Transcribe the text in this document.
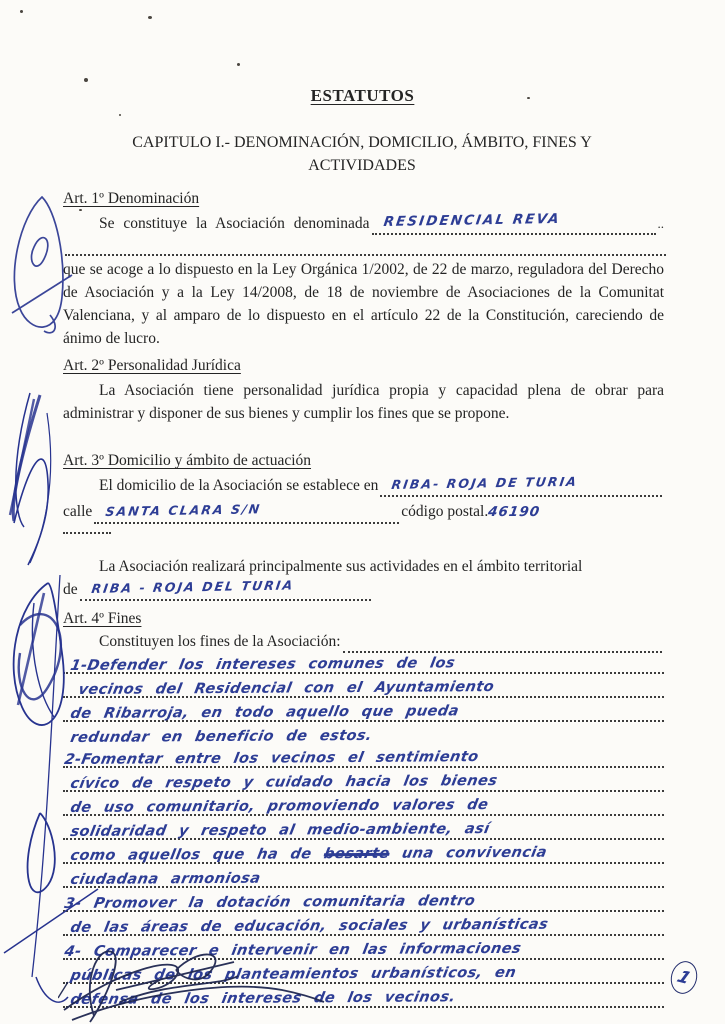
ESTATUTOS
CAPITULO I.- DENOMINACIÓN, DOMICILIO, ÁMBITO, FINES Y
ACTIVIDADES
Art. 1º Denominación
Se constituye la Asociación denominada RESIDENCIAL REVA	..
que se acoge a lo dispuesto en la Ley Orgánica 1/2002, de 22 de marzo, reguladora del Derecho de Asociación y a la Ley 14/2008, de 18 de noviembre de Asociaciones de la Comunitat Valenciana, y al amparo de lo dispuesto en el artículo 22 de la Constitución, careciendo de ánimo de lucro.
Art. 2º Personalidad Jurídica
La Asociación tiene personalidad jurídica propia y capacidad plena de obrar para administrar y disponer de sus bienes y cumplir los fines que se propone.
Art. 3º Domicilio y ámbito de actuación
El domicilio de la Asociación se establece en RIBA- ROJA DE TURIA
calle SANTA CLARA S/N	código postal.
46190
La Asociación realizará principalmente sus actividades en el ámbito territorial
de RIBA - ROJA DEL TURIA
Art. 4º Fines
Constituyen los fines de la Asociación:
1-Defender los intereses comunes de los
vecinos del Residencial con el Ayuntamiento
de Ribarroja, en todo aquello que pueda
redundar en beneficio de estos.
2-Fomentar entre los vecinos el sentimiento
cívico de respeto y cuidado hacia los bienes
de uso comunitario, promoviendo valores de
solidaridad y respeto al medio-ambiente, así
como aquellos que ha de besarte una convivencia
ciudadana armoniosa
3- Promover la dotación comunitaria dentro
de las áreas de educación, sociales y urbanísticas
4- Comparecer e intervenir en las informaciones
públicas de los planteamientos urbanísticos, en
defensa de los intereses de los vecinos.
1
